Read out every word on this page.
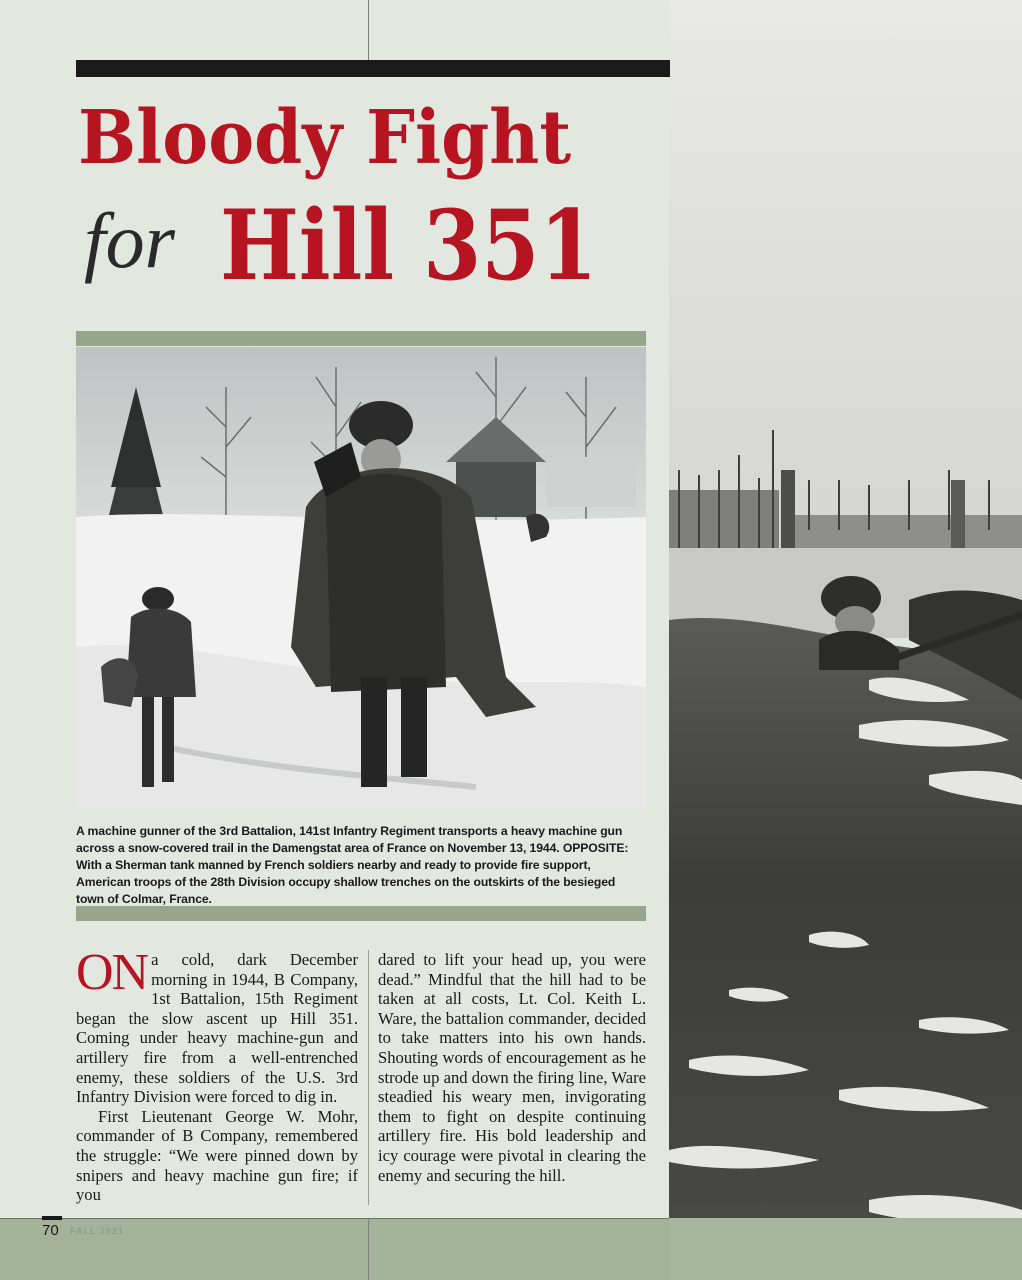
Bloody Fight
for Hill 351
A machine gunner of the 3rd Battalion, 141st Infantry Regiment transports a heavy machine gun across a snow-covered trail in the Damengstat area of France on November 13, 1944. OPPOSITE: With a Sherman tank manned by French soldiers nearby and ready to provide fire support, American troops of the 28th Division occupy shallow trenches on the outskirts of the besieged town of Colmar, France.

ON a cold, dark December morning in 1944, B Company, 1st Battalion, 15th Regiment began the slow ascent up Hill 351. Coming under heavy machine-gun and artillery fire from a well-entrenched enemy, these soldiers of the U.S. 3rd Infantry Division were forced to dig in.

First Lieutenant George W. Mohr, commander of B Company, remembered the struggle: “We were pinned down by snipers and heavy machine gun fire; if you

dared to lift your head up, you were dead.” Mindful that the hill had to be taken at all costs, Lt. Col. Keith L. Ware, the battalion commander, decided to take matters into his own hands. Shouting words of encouragement as he strode up and down the firing line, Ware steadied his weary men, invigorating them to fight on despite continuing artillery fire. His bold leadership and icy courage were pivotal in clearing the enemy and securing the hill.

70 FALL 2021
